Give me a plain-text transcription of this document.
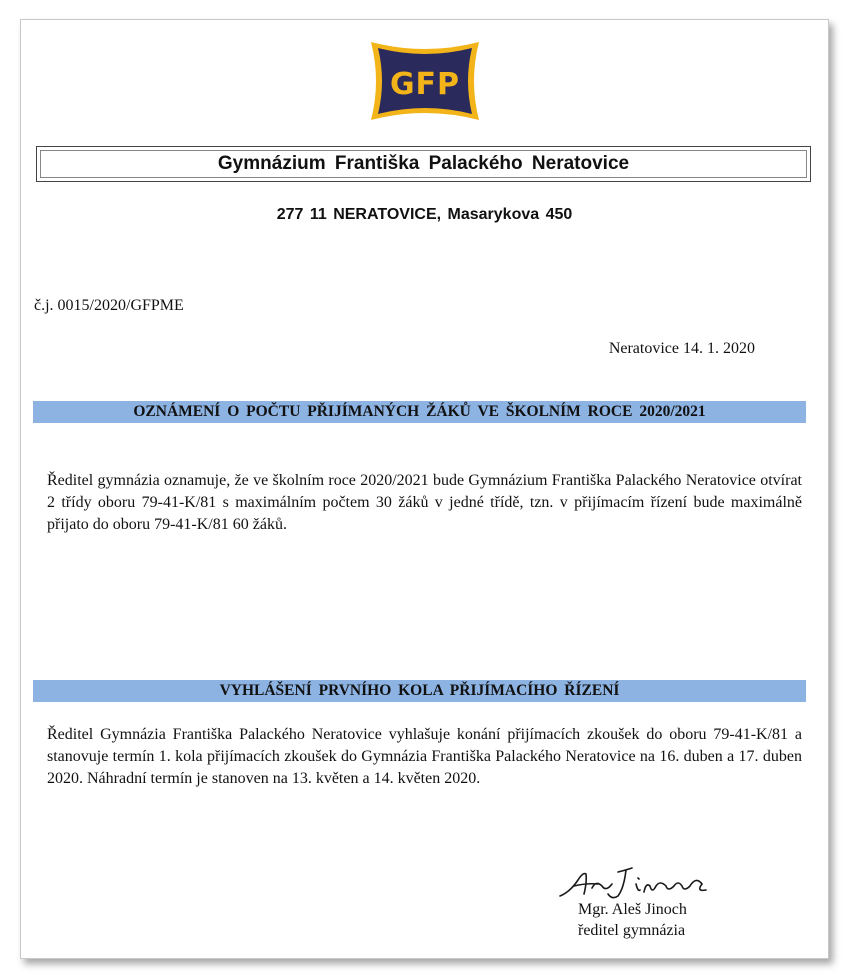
GFP
Gymnázium Františka Palackého Neratovice
277 11 NERATOVICE, Masarykova 450
č.j. 0015/2020/GFPME
Neratovice 14. 1. 2020
OZNÁMENÍ O POČTU PŘIJÍMANÝCH ŽÁKŮ VE ŠKOLNÍM ROCE 2020/2021
Ředitel gymnázia oznamuje, že ve školním roce 2020/2021 bude Gymnázium Františka Palackého Neratovice otvírat 2 třídy oboru 79-41-K/81 s maximálním počtem 30 žáků v jedné třídě, tzn. v přijímacím řízení bude maximálně přijato do oboru 79-41-K/81 60 žáků.
VYHLÁŠENÍ PRVNÍHO KOLA PŘIJÍMACÍHO ŘÍZENÍ
Ředitel Gymnázia Františka Palackého Neratovice vyhlašuje konání přijímacích zkoušek do oboru 79-41-K/81 a stanovuje termín 1. kola přijímacích zkoušek do Gymnázia Františka Palackého Neratovice na 16. duben a 17. duben 2020. Náhradní termín je stanoven na 13. květen a 14. květen 2020.
Mgr. Aleš Jinoch
ředitel gymnázia
